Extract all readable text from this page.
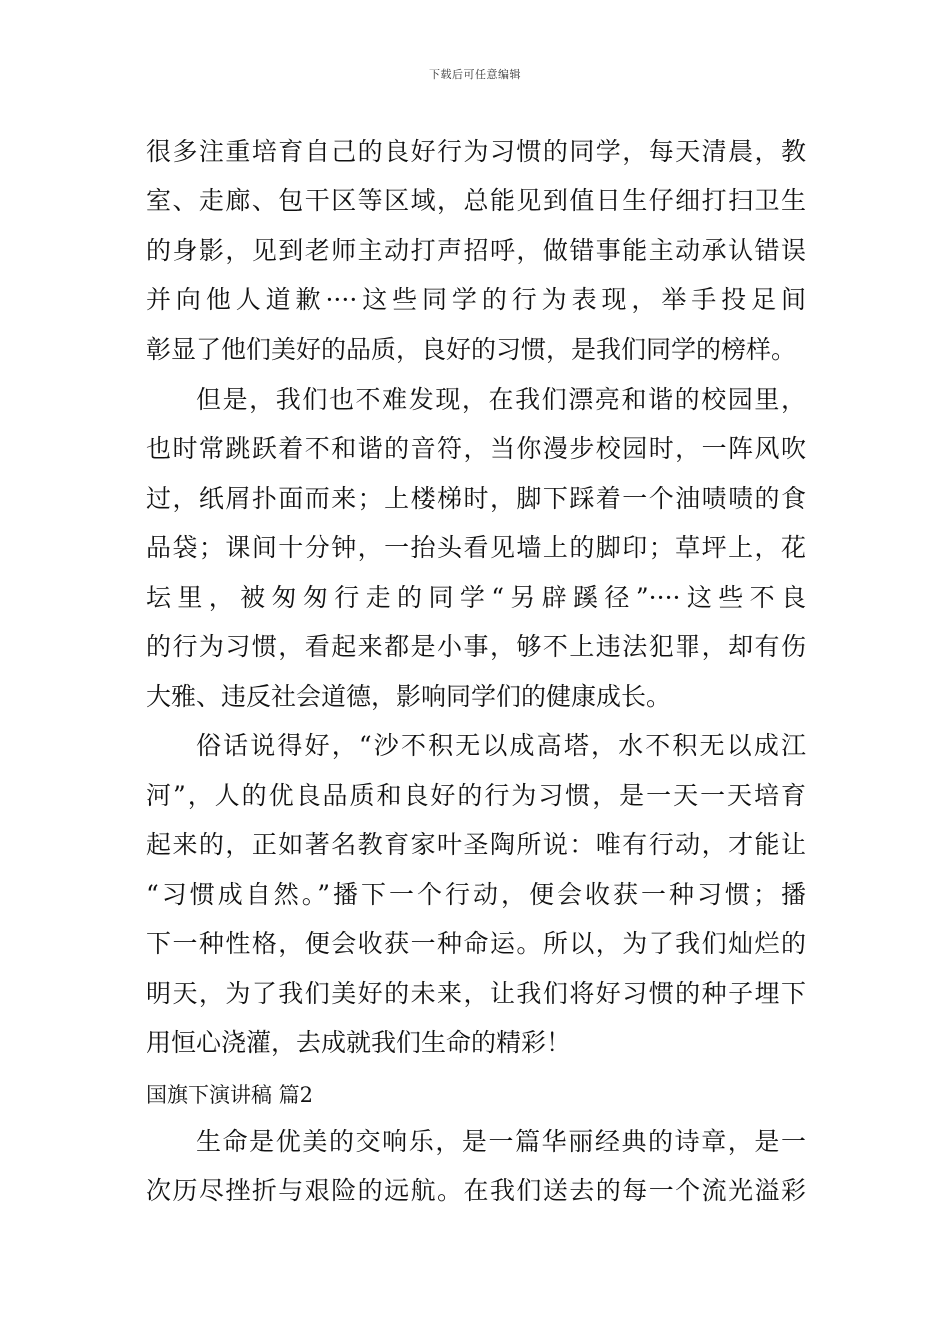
下载后可任意编辑
很多注重培育自己的良好行为习惯的同学，每天清晨，教
室、走廊、包干区等区域，总能见到值日生仔细打扫卫生
的身影，见到老师主动打声招呼，做错事能主动承认错误
并向他人道歉····这些同学的行为表现，举手投足间
彰显了他们美好的品质，良好的习惯，是我们同学的榜样。
但是，我们也不难发现，在我们漂亮和谐的校园里，
也时常跳跃着不和谐的音符，当你漫步校园时，一阵风吹
过，纸屑扑面而来；上楼梯时，脚下踩着一个油啧啧的食
品袋；课间十分钟，一抬头看见墙上的脚印；草坪上，花
坛里，被匆匆行走的同学“另辟蹊径”····这些不良
的行为习惯，看起来都是小事，够不上违法犯罪，却有伤
大雅、违反社会道德，影响同学们的健康成长。
俗话说得好，“沙不积无以成高塔，水不积无以成江
河”，人的优良品质和良好的行为习惯，是一天一天培育
起来的，正如著名教育家叶圣陶所说：唯有行动，才能让
“习惯成自然。”播下一个行动，便会收获一种习惯；播
下一种性格，便会收获一种命运。所以，为了我们灿烂的
明天，为了我们美好的未来，让我们将好习惯的种子埋下
用恒心浇灌，去成就我们生命的精彩！
国旗下演讲稿 篇2
生命是优美的交响乐，是一篇华丽经典的诗章，是一
次历尽挫折与艰险的远航。在我们送去的每一个流光溢彩
